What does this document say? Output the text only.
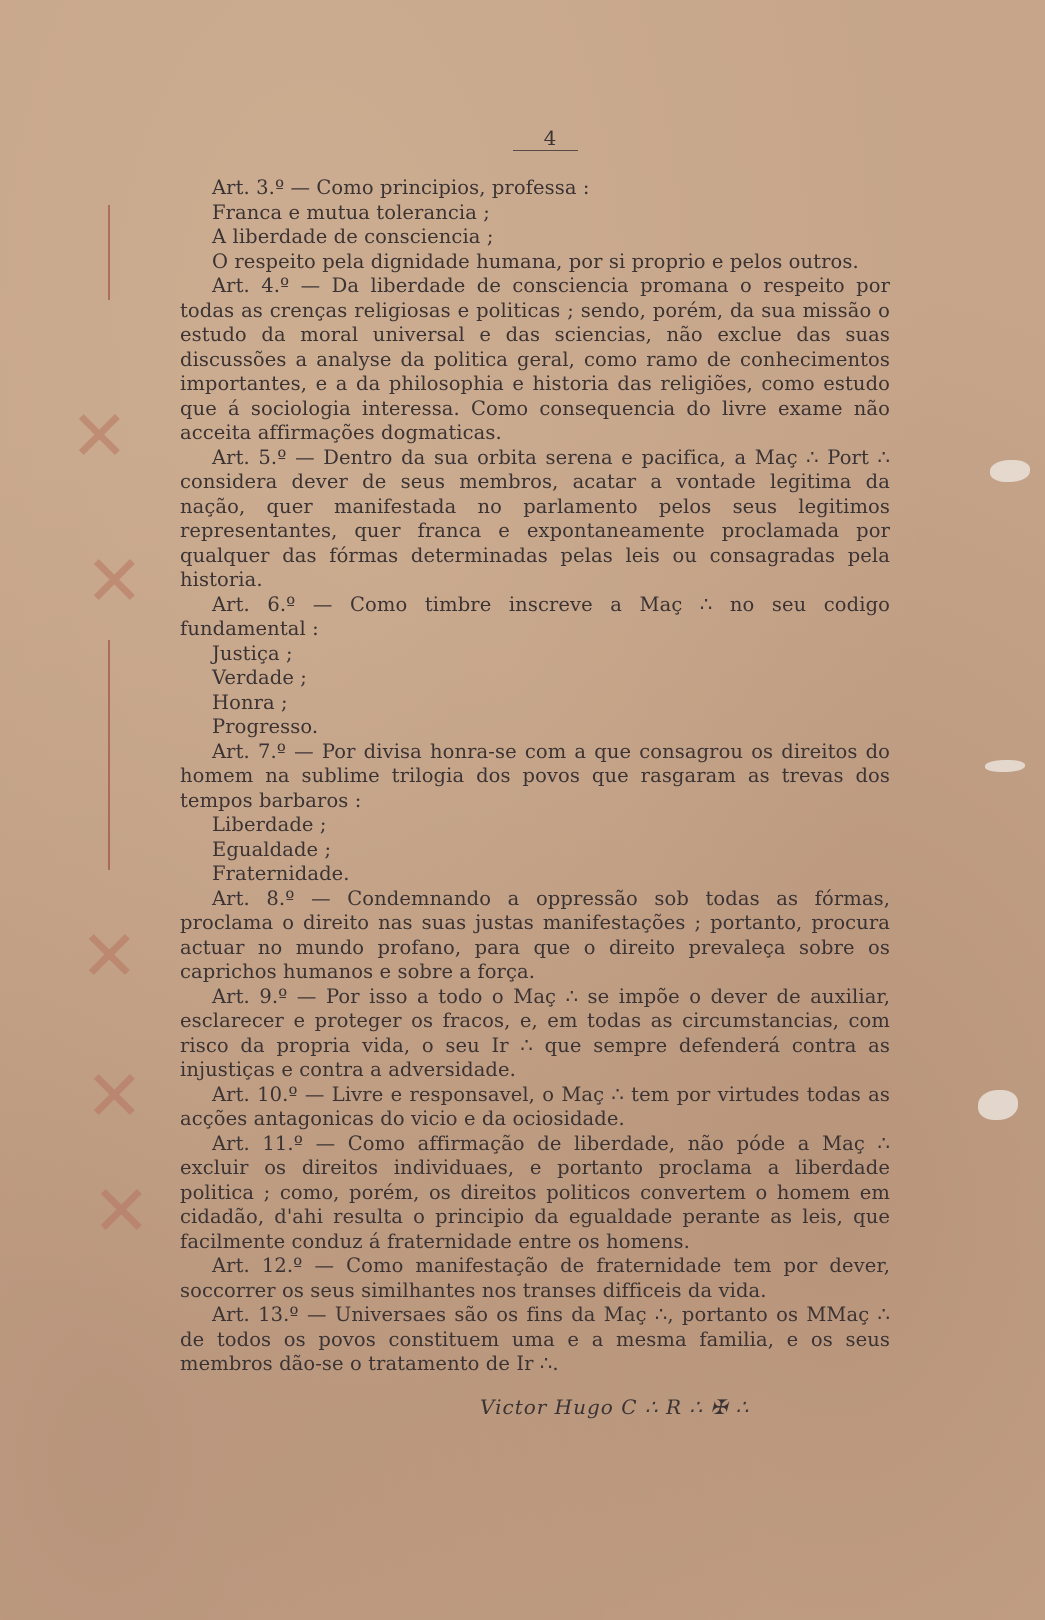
4
✕
✕
✕
✕
✕

Art. 3.º — Como principios, professa :

Franca e mutua tolerancia ;

A liberdade de consciencia ;

O respeito pela dignidade humana, por si proprio e pelos outros.

Art. 4.º — Da liberdade de consciencia promana o respeito por todas as crenças religiosas e politicas ; sendo, porém, da sua missão o estudo da moral universal e das sciencias, não exclue das suas discussões a analyse da politica geral, como ramo de conhecimentos importantes, e a da philosophia e historia das religiões, como estudo que á sociologia interessa. Como consequencia do livre exame não acceita affirmações dogmaticas.

Art. 5.º — Dentro da sua orbita serena e pacifica, a Maç ∴ Port ∴ considera dever de seus membros, acatar a vontade legitima da nação, quer manifestada no parlamento pelos seus legitimos representantes, quer franca e expontaneamente proclamada por qualquer das fórmas determinadas pelas leis ou consagradas pela historia.

Art. 6.º — Como timbre inscreve a Maç ∴ no seu codigo fundamental :

Justiça ;

Verdade ;

Honra ;

Progresso.

Art. 7.º — Por divisa honra-se com a que consagrou os direitos do homem na sublime trilogia dos povos que rasgaram as trevas dos tempos barbaros :

Liberdade ;

Egualdade ;

Fraternidade.

Art. 8.º — Condemnando a oppressão sob todas as fórmas, proclama o direito nas suas justas manifestações ; portanto, procura actuar no mundo profano, para que o direito prevaleça sobre os caprichos humanos e sobre a força.

Art. 9.º — Por isso a todo o Maç ∴ se impõe o dever de auxiliar, esclarecer e proteger os fracos, e, em todas as circumstancias, com risco da propria vida, o seu Ir ∴ que sempre defenderá contra as injustiças e contra a adversidade.

Art. 10.º — Livre e responsavel, o Maç ∴ tem por virtudes todas as acções antagonicas do vicio e da ociosidade.

Art. 11.º — Como affirmação de liberdade, não póde a Maç ∴ excluir os direitos individuaes, e portanto proclama a liberdade politica ; como, porém, os direitos politicos convertem o homem em cidadão, d'ahi resulta o principio da egualdade perante as leis, que facilmente conduz á fraternidade entre os homens.

Art. 12.º — Como manifestação de fraternidade tem por dever, soccorrer os seus similhantes nos transes difficeis da vida.

Art. 13.º — Universaes são os fins da Maç ∴, portanto os MMaç ∴ de todos os povos constituem uma e a mesma familia, e os seus membros dão-se o tratamento de Ir ∴.

Victor Hugo C ∴ R ∴ ✠ ∴
